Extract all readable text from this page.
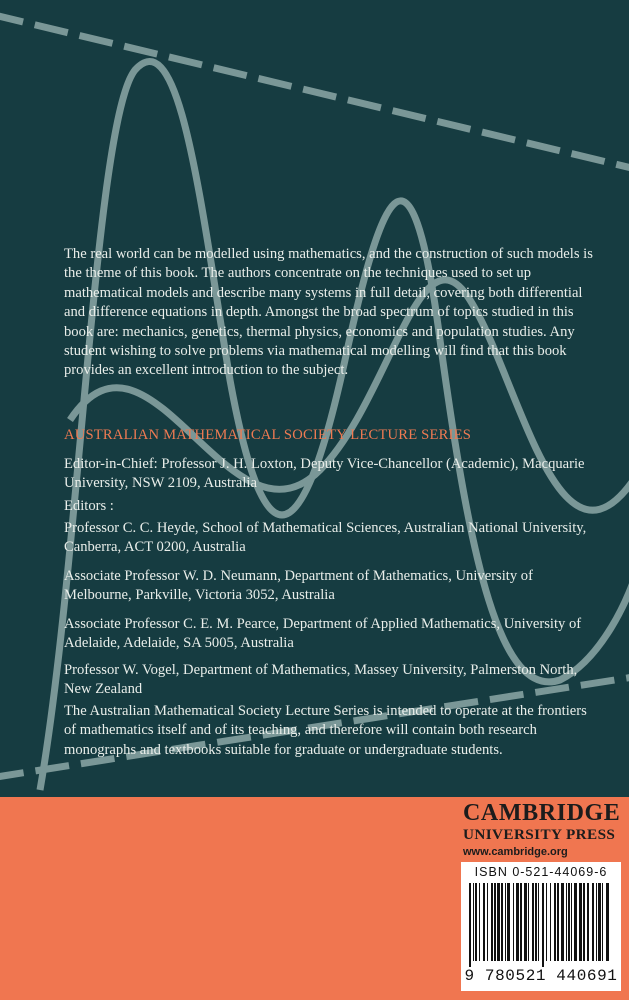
The real world can be modelled using mathematics, and the construction of such models is the theme of this book. The authors concentrate on the techniques used to set up mathematical models and describe many systems in full detail, covering both differential and difference equations in depth. Amongst the broad spectrum of topics studied in this book are: mechanics, genetics, thermal physics, economics and population studies. Any student wishing to solve problems via mathematical modelling will find that this book provides an excellent introduction to the subject.
AUSTRALIAN MATHEMATICAL SOCIETY LECTURE SERIES
Editor-in-Chief: Professor J. H. Loxton, Deputy Vice-Chancellor (Academic), Macquarie University, NSW 2109, Australia
Editors :
Professor C. C. Heyde, School of Mathematical Sciences, Australian National University, Canberra, ACT 0200, Australia
Associate Professor W. D. Neumann, Department of Mathematics, University of Melbourne, Parkville, Victoria 3052, Australia
Associate Professor C. E. M. Pearce, Department of Applied Mathematics, University of Adelaide, Adelaide, SA 5005, Australia
Professor W. Vogel, Department of Mathematics, Massey University, Palmerston North, New Zealand
The Australian Mathematical Society Lecture Series is intended to operate at the frontiers of mathematics itself and of its teaching, and therefore will contain both research monographs and textbooks suitable for graduate or undergraduate students.
CAMBRIDGE
UNIVERSITY PRESS
www.cambridge.org
ISBN 0-521-44069-6
9 780521 440691
